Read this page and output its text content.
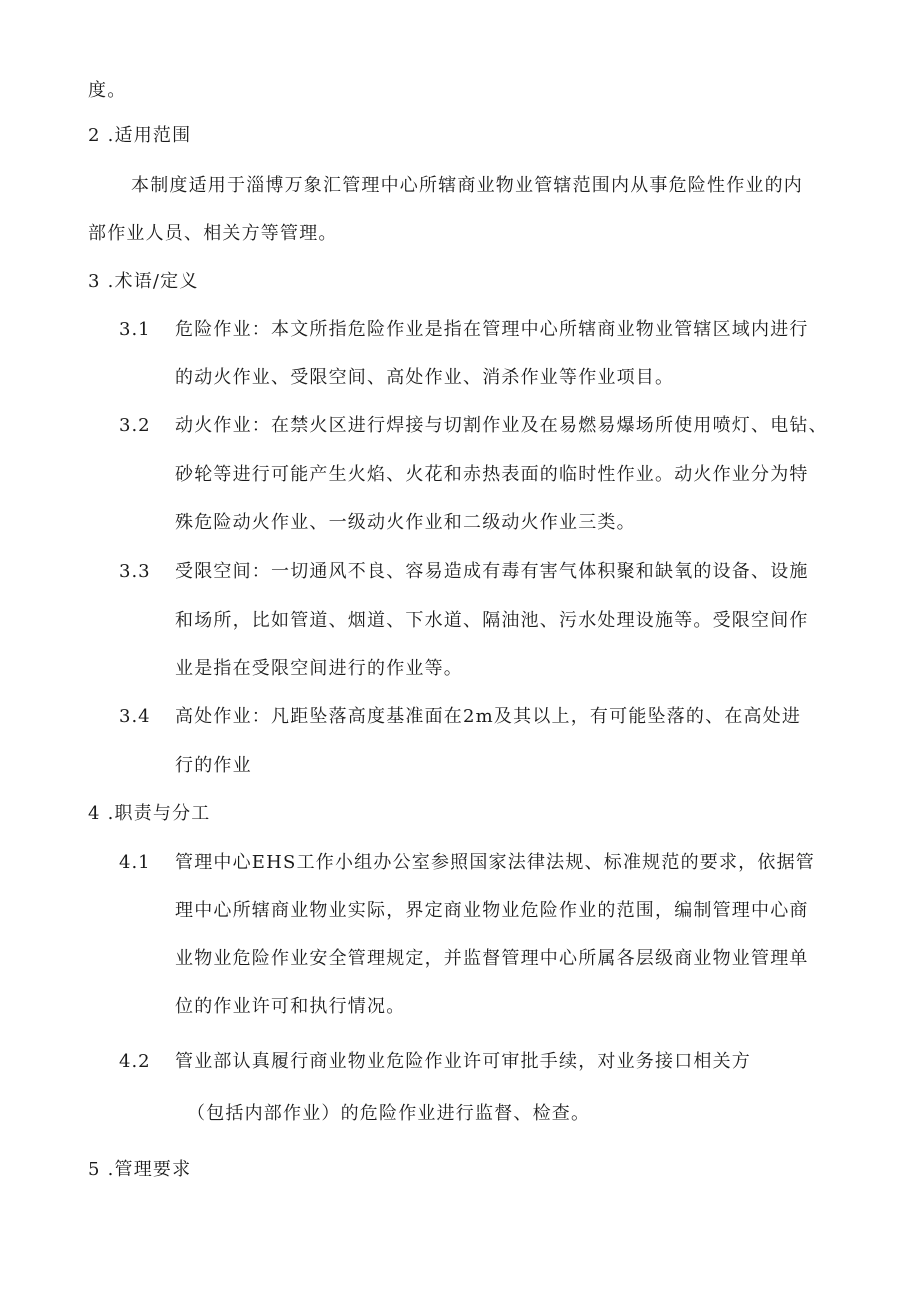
度。
2 .适用范围
本制度适用于淄博万象汇管理中心所辖商业物业管辖范围内从事危险性作业的内
部作业人员、相关方等管理。
3 .术语/定义
3.1 危险作业：本文所指危险作业是指在管理中心所辖商业物业管辖区域内进行
的动火作业、受限空间、高处作业、消杀作业等作业项目。
3.2 动火作业：在禁火区进行焊接与切割作业及在易燃易爆场所使用喷灯、电钻、
砂轮等进行可能产生火焰、火花和赤热表面的临时性作业。动火作业分为特
殊危险动火作业、一级动火作业和二级动火作业三类。
3.3 受限空间：一切通风不良、容易造成有毒有害气体积聚和缺氧的设备、设施
和场所，比如管道、烟道、下水道、隔油池、污水处理设施等。受限空间作
业是指在受限空间进行的作业等。
3.4 高处作业：凡距坠落高度基准面在2m及其以上，有可能坠落的、在高处进
行的作业
4 .职责与分工
4.1 管理中心EHS工作小组办公室参照国家法律法规、标准规范的要求，依据管
理中心所辖商业物业实际，界定商业物业危险作业的范围，编制管理中心商
业物业危险作业安全管理规定，并监督管理中心所属各层级商业物业管理单
位的作业许可和执行情况。
4.2 管业部认真履行商业物业危险作业许可审批手续，对业务接口相关方
（包括内部作业）的危险作业进行监督、检查。
5 .管理要求
